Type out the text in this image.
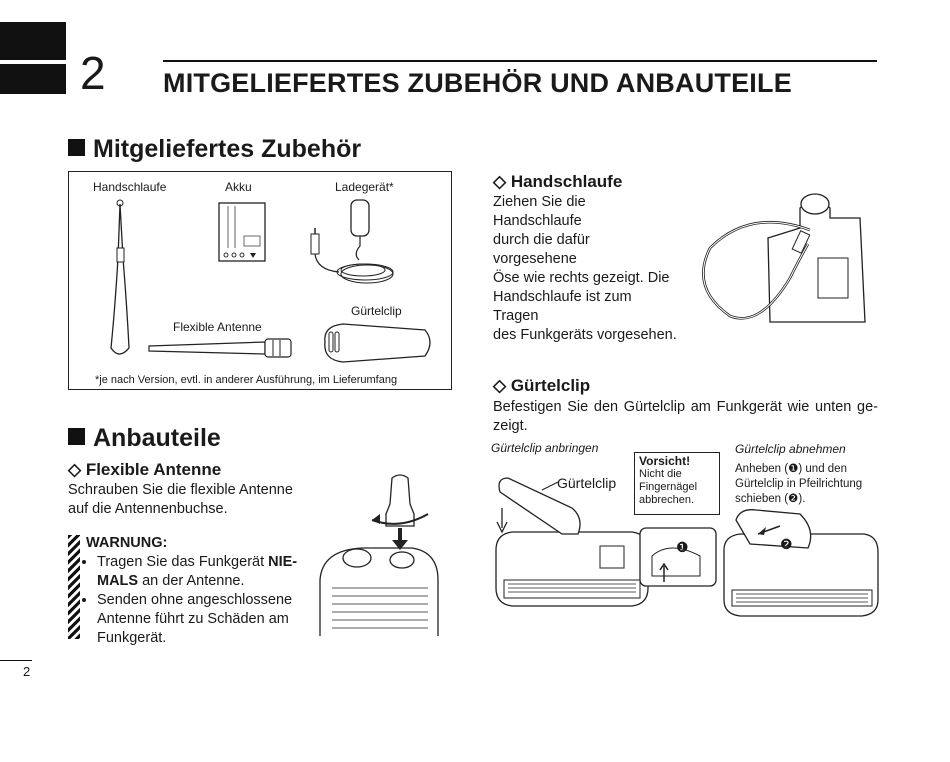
2 MITGELIEFERTES ZUBEHÖR UND ANBAUTEILE
Mitgeliefertes Zubehör
Handschlaufe	Akku	Ladegerät*
Flexible Antenne
Gürtelclip
*je nach Version, evtl. in anderer Ausführung, im Lieferumfang
◇ Handschlaufe
Ziehen Sie die Handschlaufe
durch die dafür vorgesehene
Öse wie rechts gezeigt. Die
Handschlaufe ist zum Tragen
des Funkgeräts vorgesehen.
◇ Gürtelclip
Befestigen Sie den Gürtelclip am Funkgerät wie unten ge-zeigt.
Gürtelclip anbringen	Gürtelclip abnehmen
Gürtelclip
Vorsicht!
Nicht die
Fingernägel
abbrechen.
Anheben (❶) und den Gürtelclip in Pfeilrichtung schieben (❷).
❶	❷
Anbauteile
◇ Flexible Antenne
Schrauben Sie die flexible Antenne
auf die Antennenbuchse.
WARNUNG:
• Tragen Sie das Funkgerät NIE-MALS an der Antenne.
• Senden ohne angeschlossene Antenne führt zu Schäden am Funkgerät.
2
